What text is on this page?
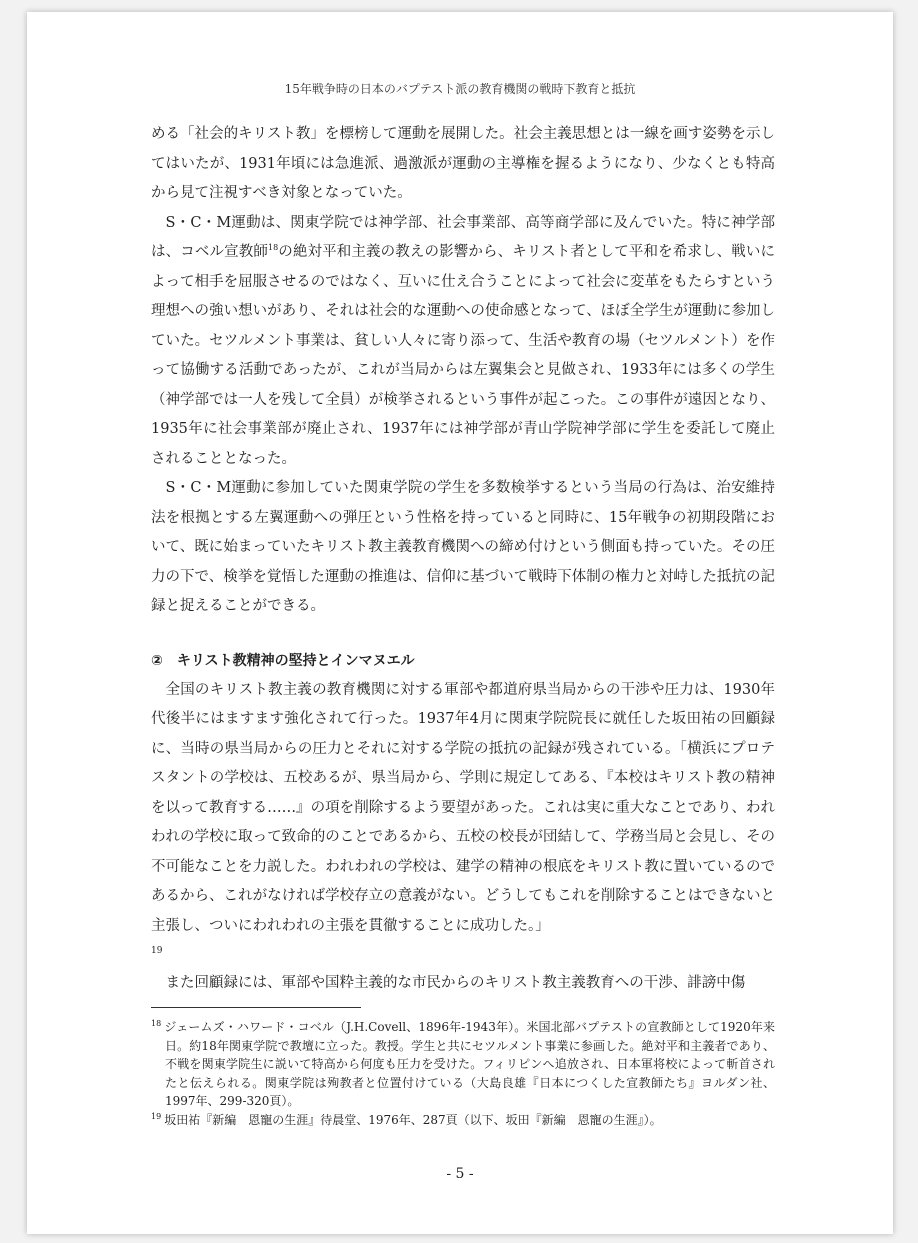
15年戦争時の日本のバプテスト派の教育機関の戦時下教育と抵抗

める「社会的キリスト教」を標榜して運動を展開した。社会主義思想とは一線を画す姿勢を示してはいたが、1931年頃には急進派、過激派が運動の主導権を握るようになり、少なくとも特高から見て注視すべき対象となっていた。

S・C・M運動は、関東学院では神学部、社会事業部、高等商学部に及んでいた。特に神学部は、コベル宣教師$^{18}$の絶対平和主義の教えの影響から、キリスト者として平和を希求し、戦いによって相手を屈服させるのではなく、互いに仕え合うことによって社会に変革をもたらすという理想への強い想いがあり、それは社会的な運動への使命感となって、ほぼ全学生が運動に参加していた。セツルメント事業は、貧しい人々に寄り添って、生活や教育の場（セツルメント）を作って協働する活動であったが、これが当局からは左翼集会と見做され、1933年には多くの学生（神学部では一人を残して全員）が検挙されるという事件が起こった。この事件が遠因となり、1935年に社会事業部が廃止され、1937年には神学部が青山学院神学部に学生を委託して廃止されることとなった。

S・C・M運動に参加していた関東学院の学生を多数検挙するという当局の行為は、治安維持法を根拠とする左翼運動への弾圧という性格を持っていると同時に、15年戦争の初期段階において、既に始まっていたキリスト教主義教育機関への締め付けという側面も持っていた。その圧力の下で、検挙を覚悟した運動の推進は、信仰に基づいて戦時下体制の権力と対峙した抵抗の記録と捉えることができる。

②　キリスト教精神の堅持とインマヌエル

全国のキリスト教主義の教育機関に対する軍部や都道府県当局からの干渉や圧力は、1930年代後半にはますます強化されて行った。1937年4月に関東学院院長に就任した坂田祐の回顧録に、当時の県当局からの圧力とそれに対する学院の抵抗の記録が残されている。「横浜にプロテスタントの学校は、五校あるが、県当局から、学則に規定してある、『本校はキリスト教の精神を以って教育する……』の項を削除するよう要望があった。これは実に重大なことであり、われわれの学校に取って致命的のことであるから、五校の校長が団結して、学務当局と会見し、その不可能なことを力説した。われわれの学校は、建学の精神の根底をキリスト教に置いているのであるから、これがなければ学校存立の意義がない。どうしてもこれを削除することはできないと主張し、ついにわれわれの主張を貫徹することに成功した。」

19

また回顧録には、軍部や国粋主義的な市民からのキリスト教主義教育への干渉、誹謗中傷

$^{18}$ ジェームズ・ハワード・コベル（J.H.Covell、1896年-1943年）。米国北部バプテストの宣教師として1920年来日。約18年関東学院で教壇に立った。教授。学生と共にセツルメント事業に参画した。絶対平和主義者であり、不戦を関東学院生に説いて特高から何度も圧力を受けた。フィリピンへ追放され、日本軍将校によって斬首されたと伝えられる。関東学院は殉教者と位置付けている（大島良雄『日本につくした宣教師たち』ヨルダン社、1997年、299-320頁）。

$^{19}$ 坂田祐『新編　恩寵の生涯』待晨堂、1976年、287頁（以下、坂田『新編　恩寵の生涯』）。

- 5 -
